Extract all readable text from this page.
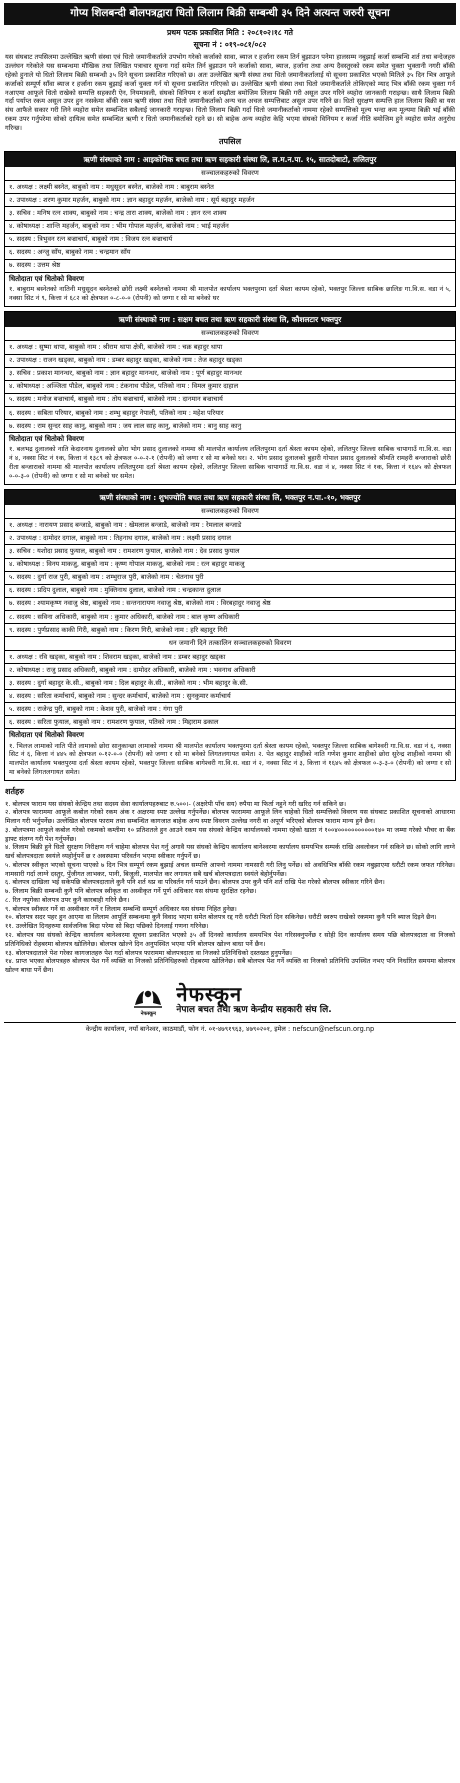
गोप्य शिलबन्दी बोलपत्रद्वारा धितो लिलाम बिक्री सम्बन्धी ३५ दिने अत्यन्त जरुरी सूचना
प्रथम पटक प्रकाशित मिति : २०८१०२।१८ गते
सूचना नं : ०१९-०८१/०८२

यस संघबाट तपसिलमा उल्लेखित ऋणी संस्था एवं धितो जमानीकर्ताले उपभोग गरेको कर्जाको सावा, ब्याज र हर्जाना रकम तिर्न बुझाउन पनेमा हालसम्म नबुझाई कर्जा सम्बन्धि शर्त तथा बन्देजहरु उल्लंघन गरेकोले यस सम्बन्धमा मौखिक तथा लिखित पत्राचार सूचना गर्दा समेत तिर्न बुझाउन पने कर्जाको सावा, ब्याज, हर्जाना तथा अन्य दैवस्तुरको रकम समेत चुक्ता भुक्तानी नगरी बाँकी रहेको हुनाले यो धितो लिलाम बिक्री सम्बन्धी ३५ दिने सूचना प्रकाशित गरिएको छ। अतः उल्लेखित ऋणी संस्था तथा धितो जमानीकर्तालाई यो सूचना प्रकाशित भएको मितिले ३५ दिन भित्र आफूले कर्जाको सम्पूर्ण साँवा ब्याज र हर्जाना रकम बुझाई कर्जा चुक्ता गर्न यो सूचना प्रकाशित गरिएको छ। उल्लेखित ऋणी संस्था तथा धितो जमानीकर्ताले तोकिएको म्याद भित्र बाँकी रकम चुक्ता गर्न नआएमा आफूले धितो राखेको सम्पत्ति सहकारी ऐन, नियमावली, संघको विनियम र कर्जा सम्झौता बमोजिम लिलाम बिक्री गरी असूल उपर गरिने व्यहोरा जानकारी गराइन्छ। साथै लिलाम बिक्री गर्दा पर्याप्त रकम असूल उपर हुन नसकेमा बाँकी रकम ऋणी संस्था तथा धितो जमानीकर्ताको अन्य चल अचल सम्पत्तिबाट असुल उपर गरिने छ। धितो सुरक्षण सम्पत्ति हाल लिलाम बिक्री बा यस संघ आफैले सकार गरी लिने व्यहोरा समेत सम्बन्धित सबैलाई जानकारी गराइन्छ। धितो लिलाम बिक्री गर्दा धितो जमानीकर्ताको नाममा रहेको सम्पत्तिको मूल्य भन्दा कम मूल्यमा बिक्री भई बाँकी रकम उपर गर्नुपरेमा सोको दायित्व समेत सम्बन्धित ऋणी र धितो जमानीकर्ताको रहने छ। सो बाहेक अन्य व्यहोरा केहि भएमा संघको विनियम र कर्जा नीति बमोजिम हुने व्यहोरा समेत अनुरोध गरिन्छ।

तपसिल
ऋणी संस्थाको नाम : आइकोनिक बचत तथा ऋण सहकारी संस्था लि, ल.म.न.पा. १५, सातदोबाटो, ललितपुर
सञ्चालकहरुको विवरण
१. अध्यक्ष : लक्ष्मी बस्नेत, बाबुको नाम : मधुसूदन बस्नेत, बाजेको नाम : बाबुराम बस्नेत
२. उपाध्यक्ष : शरण कुमार महर्जन, बाबुको नाम : ज्ञान बहादुर महर्जन, बाजेको नाम : सूर्य बहादुर महर्जन
३. सचिव : मनिष रत्न शाक्य, बाबुको नाम : चन्द्र तारा शाक्य, बाजेको नाम : ज्ञान रत्न शाक्य
४. कोषाध्यक्ष : शान्ति महर्जन, बाबुको नाम : भीम गोपाल महर्जन, बाजेको नाम : भाई महर्जन
५. सदस्य : त्रिभुवन रत्न बज्राचार्य, बाबुको नाम : विजय रत्न बज्राचार्य
६. सदस्य : अन्जु साँय, बाबुको नाम : चन्द्रमान साँय
७. सदस्य : उत्तम श्रेष्ठ
धितोदाता एवं धितोको विवरण

१. बाबुराम बस्नेतको नातिनी मधुसूदन बस्नेतको छोरी लक्ष्मी बस्नेतको नाममा श्री मालपोत कार्यालय भक्तपुरमा दर्ता श्रेस्ता कायम रहेको, भक्तपुर जिल्ला साबिक छालिङ गा.वि.स. वडा नं ५, नक्सा सिट नं ९, कित्ता नं ६८२ को क्षेत्रफल ०-८-०-० (रोपनी) को जग्गा र सो मा बनेको घर

ऋणी संस्थाको नाम : सक्षम बचत तथा ऋण सहकारी संस्था लि, कौशलटार भक्तपुर
सञ्चालकहरुको विवरण
१. अध्यक्ष : सुष्मा थापा, बाबुको नाम : श्रीराम थापा क्षेत्री, बाजेको नाम : चक्र बहादुर थापा
२. उपाध्यक्ष : राजन खड्का, बाबुको नाम : डम्बर बहादुर खड्का, बाजेको नाम : तेज बहादुर खड्का
३. सचिव : प्रकाश मानन्धर, बाबुको नाम : ज्ञान बहादुर मानन्धर, बाजेको नाम : पूर्ण बहादुर मानन्धर
४. कोषाध्यक्ष : अञ्जिता पौडेल, बाबुको नाम : टंकनाथ पौडेल, पतिको नाम : विमल कुमार दाहाल
५. सदस्य : मनोज बज्राचार्य, बाबुको नाम : तोय बज्राचार्य, बाजेको नाम : दानमान बज्राचार्य
६. सदस्य : सबिता परियार, बाबुको नाम : शम्भु बहादुर नेपाली, पतिको नाम : महेश परियार
७. सदस्य : राम सुन्दर साह कानु, बाबुको नाम : जय लाल साह कानु, बाजेको नाम : बानु साह कानु
धितोदाता एवं धितोको विवरण

१. बलभद्र दुलालको नाति केदारनाथ दुलालको छोरा भोग प्रसाद दुलालको नाममा श्री मालपोत कार्यालय ललितपुरमा दर्ता श्रेस्ता कायम रहेको, ललितपुर जिल्ला साबिक चापागाउँ गा.वि.स. वडा नं ४, नक्सा सिट नं १क, कित्ता नं १३८९ को क्षेत्रफल ०-०-२-१ (रोपनी) को जग्गा र सो मा बनेको घर। २. भोग प्रसाद दुलालको बुहारी गोपाल प्रसाद दुलालको श्रीमति रामहरी बन्जाराको छोरी रीता बन्जाराको नाममा श्री मालपोत कार्यालय ललितपुरमा दर्ता श्रेस्ता कायम रहेको, ललितपुर जिल्ला साबिक चापागाउँ गा.वि.स. वडा नं ४, नक्सा सिट नं १क, कित्ता नं १६४५ को क्षेत्रफल ०-०-३-० (रोपनी) को जग्गा र सो मा बनेको घर समेत।

ऋणी संस्थाको नाम : शुभज्योति बचत तथा ऋण सहकारी संस्था लि, भक्तपुर न.पा.-१०, भक्तपुर
सञ्चालकहरुको विवरण
१. अध्यक्ष : नारायण प्रसाद बन्जाडे, बाबुको नाम : खेमलाल बन्जाडे, बाजेको नाम : रेमलाल बन्जाडे
२. उपाध्यक्ष : दामोदर दगाल, बाबुको नाम : तिहनाथ दगाल, बाजेको नाम : लक्ष्मी प्रसाद दगाल
३. सचिव : यशोदा प्रसाद फुयाल, बाबुको नाम : रामशरण फुयाल, बाजेको नाम : देव प्रसाद फुयाल
४. कोषाध्यक्ष : विनय माकजु, बाबुको नाम : कृष्ण गोपाल माकजु, बाजेको नाम : रत्न बहादुर माकजु
५. सदस्य : दुर्गा राज पुरी, बाबुको नाम : शम्भुराज पुरी, बाजेको नाम : चेतनाथ पुरी
६. सदस्य : प्रदिप दुलाल, बाबुको नाम : मुक्तिनाथ दुलाल, बाजेको नाम : चन्द्रकान्त दुलाल
७. सदस्य : श्यामकृष्ण नवाजु श्रेष्ठ, बाबुको नाम : सन्तनारायण नवाजु श्रेष्ठ, बाजेको नाम : विरबहादुर नवाजु श्रेष्ठ
८. सदस्य : सविना अधिकारी, बाबुको नाम : कुमार अधिकारी, बाजेको नाम : बाल कृष्ण अधिकारी
९. सदस्य : पुर्णप्रसाद काकी गिरी, बाबुको नाम : किरण गिरी, बाजेको नाम : हरि बहादुर गिरी
धन जमानी दिने तत्कालिन सञ्चालकहरुको विवरण
१. अध्यक्ष : रवि खड्का, बाबुको नाम : शिवराम खड्का, बाजेको नाम : डम्बर बहादुर खड्का
२. कोषाध्यक्ष : राजु प्रसाद अधिकारी, बाबुको नाम : दामोदर अधिकारी, बाजेको नाम : भवनाथ अधिकारी
३. सदस्य : दुर्गा बहादुर के.सी., बाबुको नाम : दिल बहादुर के.सी., बाजेको नाम : भीम बहादुर के.सी.
४. सदस्य : सरिता कर्माचार्य, बाबुको नाम : सुन्दर कर्माचार्य, बाजेको नाम : सुनकुमार कर्माचार्य
५. सदस्य : राजेन्द्र पुरी, बाबुको नाम : केशव पुरी, बाजेको नाम : गंगा पुरी
६. सदस्य : सरिता फुयाल, बाबुको नाम : रामशरण फुयाल, पतिको नाम : मिद्दाराम ढकाल
धितोदाता एवं धितोको विवरण

१. भिलज लामाको नाति पीते लामाको छोरा सानुकान्छा लामाको नाममा श्री मालपोत कार्यालय भक्तपुरमा दर्ता श्रेस्ता कायम रहेको, भक्तपुर जिल्ला साबिक बागेश्वरी गा.वि.स. वडा नं ६, नक्सा सिट नं ६, कित्ता नं ४४५ को क्षेत्रफल ०-१२-०-० (रोपनी) को जग्गा र सो मा बनेको लिगतलगायत समेत। २. पेत बहादुर शाहीको नाति गणेश कुमार शाहीको छोरा सुरेन्द्र शाहीको नाममा श्री मालपोत कार्यालय भक्तपुरमा दर्ता श्रेस्ता कायम रहेको, भक्तपुर जिल्ला साबिक बागेश्वरी गा.वि.स. वडा नं २, नक्सा सिट नं ३, कित्ता नं १६४५ को क्षेत्रफल ०-३-३-० (रोपनी) को जग्गा र सो मा बनेको लिगतलगायत समेत।

शर्तहरु

१. बोलपत्र फाराम यस संघको केन्द्रिय तथा सदस्य सेवा कार्यालयहरुबाट रु.५००।- (अक्षरेपी पाँच सय) रुपैया मा फिर्ता नहुने गरी खरिद गर्न सकिने छ।

२. बोलपत्र फाराममा आफूले कबोल गरेको रकम अंक र अक्षरमा स्पष्ट उल्लेख गर्नुपर्नेछ। बोलपत्र फाराममा आफूले लिन चाहेको धितो सम्पत्तिको विवरण यस संघबाट प्रकाशित सूचनाको आधारमा मिलान गरी भर्नुपर्नेछ। उल्लेखित बोलपत्र फाराम तथा सम्बन्धित कागजात बाहेक अन्य स्पष्ट विवरण उल्लेख नगरी वा अपूर्ण भरिएको बोलपत्र फाराम मान्य हुने छैन।

३. बोलपत्रमा आफूले कबोल गरेको रकमको कम्तीमा १० प्रतिशतले हुन आउने रकम यस संघको केन्द्रिय कार्यालयको नाममा रहेको खाता नं १००४०००००००००००१४० मा जम्मा गरेको भौचर वा बैंक ड्राफ्ट संलग्न गरी पेश गर्नुपर्नेछ।

४. लिलाम बिक्री हुने धितो सुरक्षण निरीक्षण गर्न चाहेमा बोलपत्र पेश गर्नु अगावै यस संघको केन्द्रिय कार्यालय बानेश्वरमा कार्यालय समयभित्र सम्पर्क राखि अवलोकन गर्न सकिने छ। सोको लागि लाग्ने खर्च बोलपत्रदाता स्वयंले व्यहोर्नुपर्ने छ र अवस्थामा परिवर्तन भएमा स्वीकार गर्नुपर्ने छ।

५. बोलपत्र स्वीकृत भएको सूचना पाएको ७ दिन भित्र सम्पूर्ण रकम बुझाई अचल सम्पत्ति आफ्नो नाममा नामसारी गरी लिनु पर्नेछ। सो अवधिभित्र बाँकी रकम नबुझाएमा धरौटी रकम जफत गरिनेछ। नामसारी गर्दा लाग्ने दस्तुर, पुँजीगत लाभकर, पानी, बिजुली, मालपोत कर लगायत सबै खर्च बोलपत्रदाता स्वयंले बेहोर्नुपर्नेछ।

६. बोलपत्र दाखिला भई सकेपछि बोलपत्रदाताले कुनै पनि शर्त थप्न वा परिवर्तन गर्न पाउने छैन। बोलपत्र उपर कुनै पनि शर्त राखि पेश गरेको बोलपत्र स्वीकार गरिने छैन।

७. लिलाम बिक्री सम्बन्धी कुनै पनि बोलपत्र स्वीकृत वा अस्वीकृत गर्ने पूर्ण अधिकार यस संघमा सुरक्षित रहनेछ।

८. रित नपुगेका बोलपत्र उपर कुनै कारबाही गरिने छैन।

९. बोलपत्र स्वीकार गर्ने वा अस्वीकार गर्ने र लिलाम सम्बन्धि सम्पूर्ण अधिकार यस संघमा निहित हुनेछ।

१०. बोलपत्र सदर पहर हुन आएमा वा लिलाम आपूर्ति सम्बन्धमा कुनै विवाद भएमा समेत बोलपत्र रद्द गरी धरौटी फिर्ता दिन सकिनेछ। धरौटी स्वरुप राखेको रकममा कुनै पनि ब्याज दिइने छैन।

११. उल्लेखित दिनहरुमा सार्वजनिक बिदा परेमा सो बिदा पछिको दिनलाई गणना गरिनेछ।

१२. बोलपत्र यस संघको केन्द्रिय कार्यालय बानेश्वरमा सूचना प्रकाशित भएको ३५ औं दिनको कार्यालय समयभित्र पेश गरिसक्नुपर्नेछ र सोही दिन कार्यालय समय पछि बोलपत्रदाता वा निजको प्रतिनिधिको रोहबरमा बोलपत्र खोलिनेछ। बोलपत्र खोल्ने दिन अनुपस्थित भएमा पनि बोलपत्र खोल्न बाधा पर्ने छैन।

१३. बोलपत्रदाताले पेश गरेका कागजातहरु पेश गर्दा बोलपत्र फाराममा बोलपत्रदाता वा निजको प्रतिनिधिको दस्तखत हुनुपर्नेछ।

१४. प्राप्त भएका बोलपत्रहरु बोलपत्र पेश गर्ने व्यक्ति वा निजको प्रतिनिधिहरुको रोहबरमा खोलिनेछ। सबै बोलपत्र पेश गर्ने व्यक्ति वा निजको प्रतिनिधि उपस्थित नभए पनि निर्धारित समयमा बोलपत्र खोल्न बाधा पर्ने छैन।

नेफस्कून
नेफस्कून
नेपाल बचत तथा ऋण केन्द्रीय सहकारी संघ लि.
केन्द्रीय कार्यालय, नयाँ बानेश्वर, काठमाडौं, फोन नं. ०१-४७९१९६३, ४७९०२०१, इमेल : nefscun@nefscun.org.np
